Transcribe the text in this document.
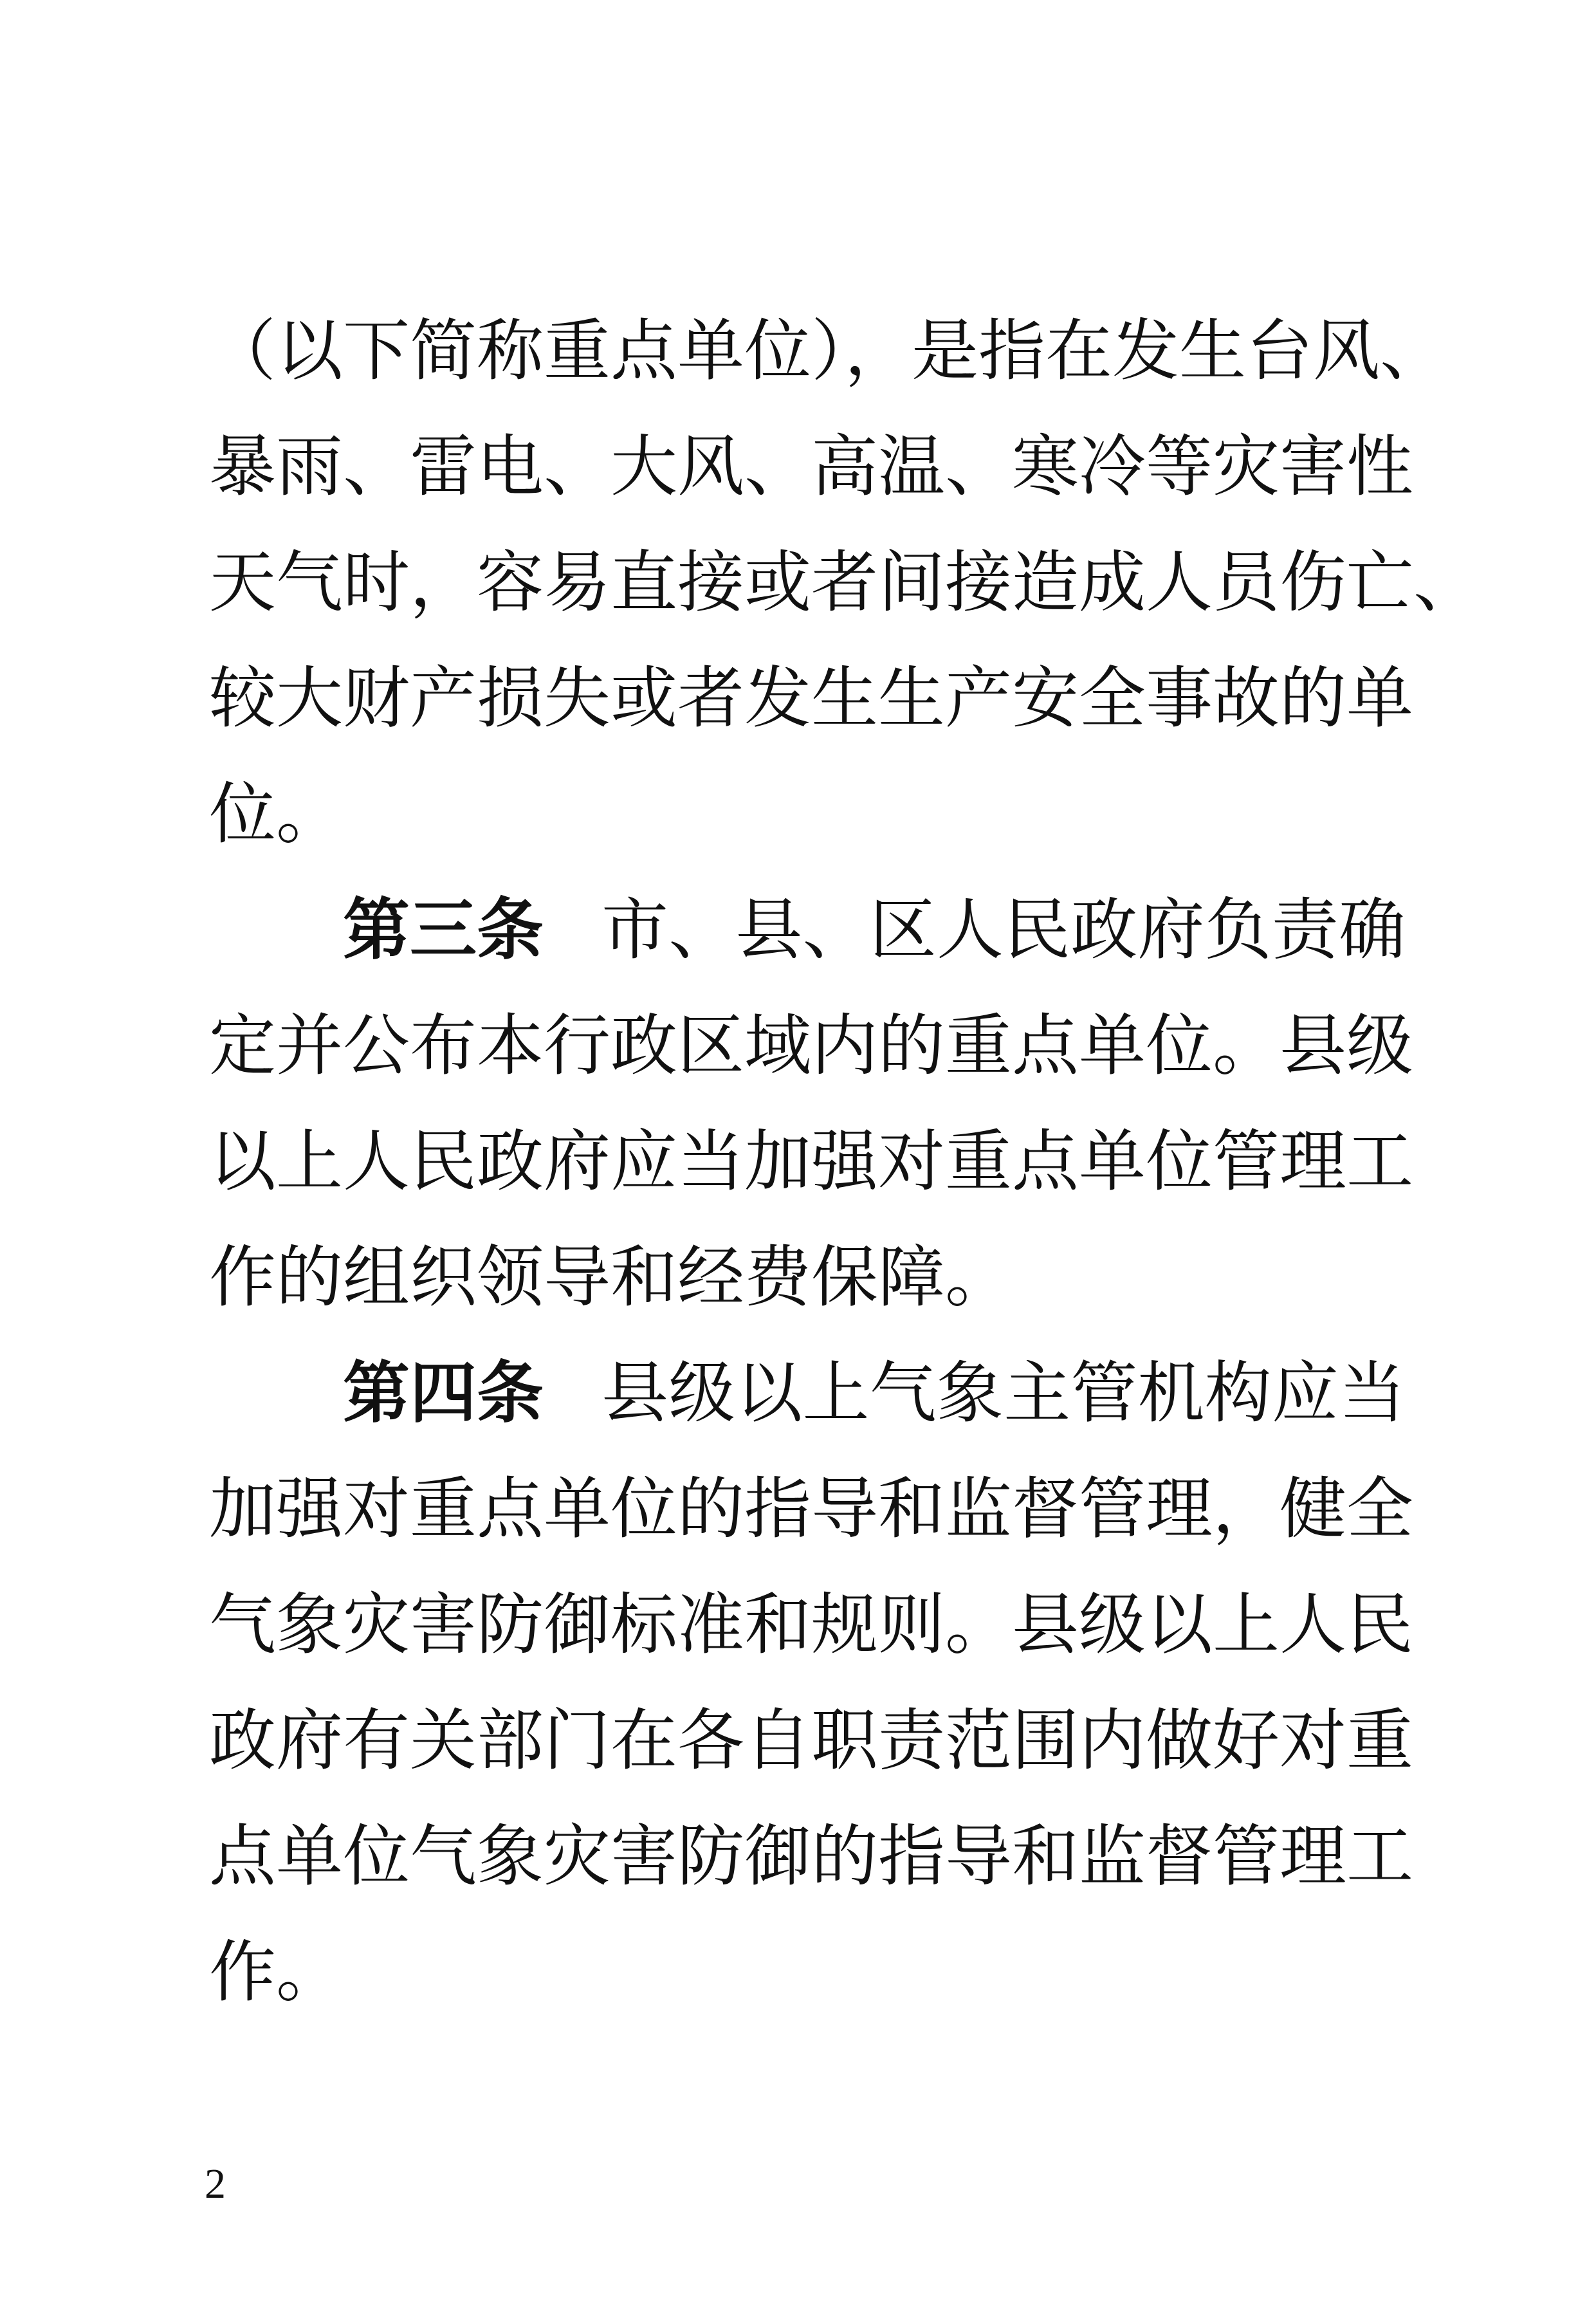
（以下简称重点单位），是指在发生台风、
暴雨、雷电、大风、高温、寒冷等灾害性
天气时，容易直接或者间接造成人员伤亡、
较大财产损失或者发生生产安全事故的单
位。
第三条 市、县、区人民政府负责确
定并公布本行政区域内的重点单位。县级
以上人民政府应当加强对重点单位管理工
作的组织领导和经费保障。
第四条 县级以上气象主管机构应当
加强对重点单位的指导和监督管理，健全
气象灾害防御标准和规则。县级以上人民
政府有关部门在各自职责范围内做好对重
点单位气象灾害防御的指导和监督管理工
作。
2
